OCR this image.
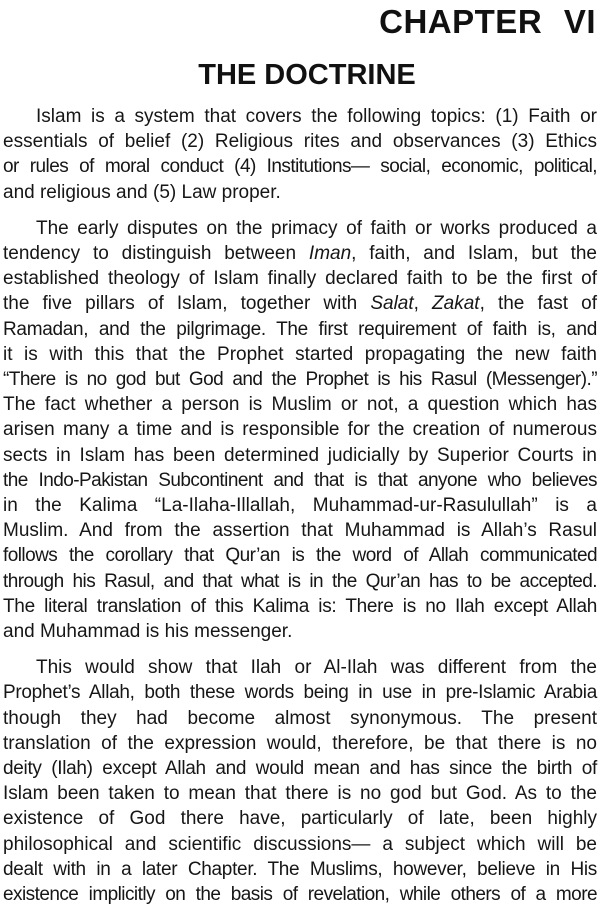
CHAPTER VI
THE DOCTRINE

Islam is a system that covers the following topics: (1) Faith or
essentials of belief (2) Religious rites and observances (3) Ethics
or rules of moral conduct (4) Institutions— social, economic, political,
and religious and (5) Law proper.

The early disputes on the primacy of faith or works produced a
tendency to distinguish between Iman, faith, and Islam, but the
established theology of Islam finally declared faith to be the first of
the five pillars of Islam, together with Salat, Zakat, the fast of
Ramadan, and the pilgrimage. The first requirement of faith is, and
it is with this that the Prophet started propagating the new faith
“There is no god but God and the Prophet is his Rasul (Messenger).”
The fact whether a person is Muslim or not, a question which has
arisen many a time and is responsible for the creation of numerous
sects in Islam has been determined judicially by Superior Courts in
the Indo-Pakistan Subcontinent and that is that anyone who believes
in the Kalima “La-Ilaha-Illallah, Muhammad-ur-Rasulullah” is a
Muslim. And from the assertion that Muhammad is Allah’s Rasul
follows the corollary that Qur’an is the word of Allah communicated
through his Rasul, and that what is in the Qur’an has to be accepted.
The literal translation of this Kalima is: There is no Ilah except Allah
and Muhammad is his messenger.

This would show that Ilah or Al-Ilah was different from the
Prophet’s Allah, both these words being in use in pre-Islamic Arabia
though they had become almost synonymous. The present
translation of the expression would, therefore, be that there is no
deity (Ilah) except Allah and would mean and has since the birth of
Islam been taken to mean that there is no god but God. As to the
existence of God there have, particularly of late, been highly
philosophical and scientific discussions— a subject which will be
dealt with in a later Chapter. The Muslims, however, believe in His
existence implicitly on the basis of revelation, while others of a more
